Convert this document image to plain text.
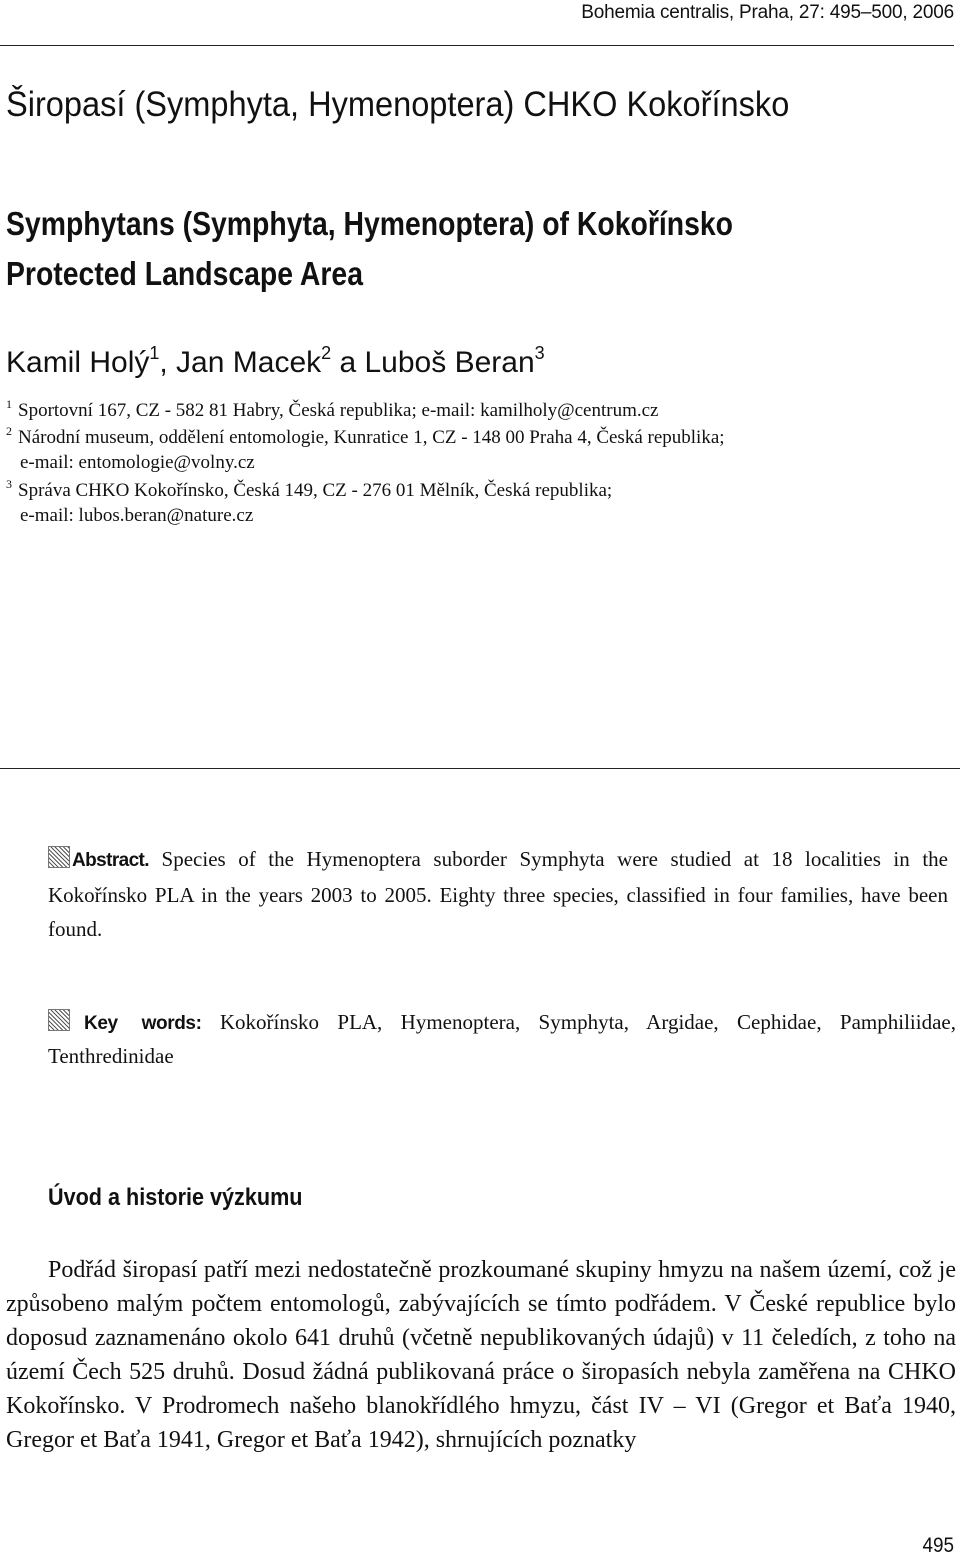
Bohemia centralis, Praha, 27: 495–500, 2006
Širopasí (Symphyta, Hymenoptera) CHKO Kokořínsko
Symphytans (Symphyta, Hymenoptera) of Kokořínsko Protected Landscape Area
Kamil Holý$^1$, Jan Macek$^2$ a Luboš Beran$^3$
$^1$ Sportovní 167, CZ - 582 81 Habry, Česká republika; e-mail: kamilholy@centrum.cz
$^2$ Národní museum, oddělení entomologie, Kunratice 1, CZ - 148 00 Praha 4, Česká republika;
e-mail: entomologie@volny.cz
$^3$ Správa CHKO Kokořínsko, Česká 149, CZ - 276 01 Mělník, Česká republika;
e-mail: lubos.beran@nature.cz

Abstract. Species of the Hymenoptera suborder Symphyta were studied at 18 localities in the Kokořínsko PLA in the years 2003 to 2005. Eighty three species, classified in four families, have been found.

Key words: Kokořínsko PLA, Hymenoptera, Symphyta, Argidae, Cephidae, Pamphiliidae, Tenthredinidae

Úvod a historie výzkumu

Podřád širopasí patří mezi nedostatečně prozkoumané skupiny hmyzu na našem území, což je způsobeno malým počtem entomologů, zabývajících se tímto podřádem. V České republice bylo doposud zaznamenáno okolo 641 druhů (včetně nepublikovaných údajů) v 11 čeledích, z toho na území Čech 525 druhů. Dosud žádná publikovaná práce o širopasích nebyla zaměřena na CHKO Kokořínsko. V Prodromech našeho blanokřídlého hmyzu, část IV – VI (Gregor et Baťa 1940, Gregor et Baťa 1941, Gregor et Baťa 1942), shrnujících poznatky

495
